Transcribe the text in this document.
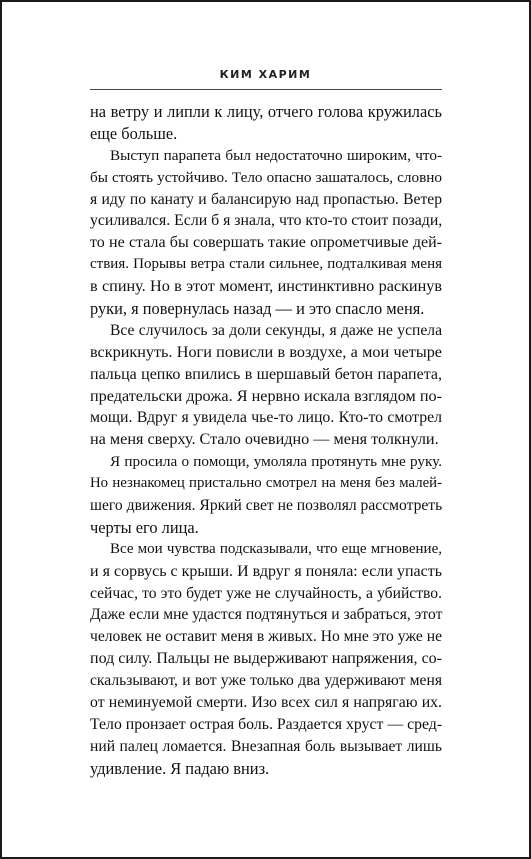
КИМ ХАРИМ
на ветру и липли к лицу, отчего голова кружилась
еще больше.
Выступ парапета был недостаточно широким, что-
бы стоять устойчиво. Тело опасно зашаталось, словно
я иду по канату и балансирую над пропастью. Ветер
усиливался. Если б я знала, что кто-то стоит позади,
то не стала бы совершать такие опрометчивые дей-
ствия. Порывы ветра стали сильнее, подталкивая меня
в спину. Но в этот момент, инстинктивно раскинув
руки, я повернулась назад — и это спасло меня.
Все случилось за доли секунды, я даже не успела
вскрикнуть. Ноги повисли в воздухе, а мои четыре
пальца цепко впились в шершавый бетон парапета,
предательски дрожа. Я нервно искала взглядом по-
мощи. Вдруг я увидела чье-то лицо. Кто-то смотрел
на меня сверху. Стало очевидно — меня толкнули.
Я просила о помощи, умоляла протянуть мне руку.
Но незнакомец пристально смотрел на меня без малей-
шего движения. Яркий свет не позволял рассмотреть
черты его лица.
Все мои чувства подсказывали, что еще мгновение,
и я сорвусь с крыши. И вдруг я поняла: если упасть
сейчас, то это будет уже не случайность, а убийство.
Даже если мне удастся подтянуться и забраться, этот
человек не оставит меня в живых. Но мне это уже не
под силу. Пальцы не выдерживают напряжения, со-
скальзывают, и вот уже только два удерживают меня
от неминуемой смерти. Изо всех сил я напрягаю их.
Тело пронзает острая боль. Раздается хруст — сред-
ний палец ломается. Внезапная боль вызывает лишь
удивление. Я падаю вниз.
